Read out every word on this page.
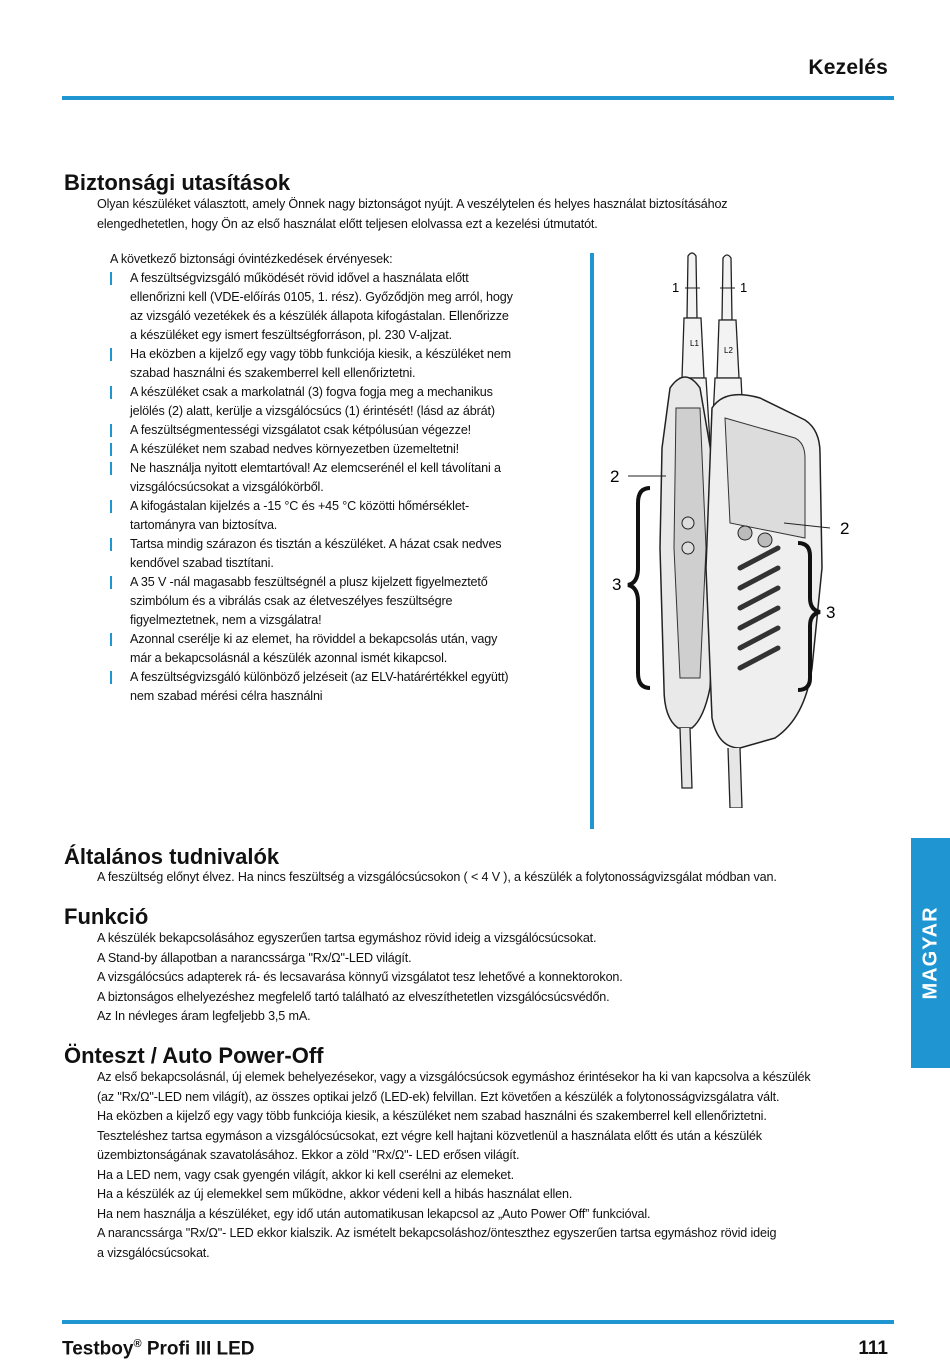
Kezelés
Biztonsági utasítások
Olyan készüléket választott, amely Önnek nagy biztonságot nyújt. A veszélytelen és helyes használat biztosításához
elengedhetetlen, hogy Ön az első használat előtt teljesen elolvassa ezt a kezelési útmutatót.
A következő biztonsági óvintézkedések érvényesek:
A feszültségvizsgáló működését rövid idővel a használata előtt
ellenőrizni kell (VDE-előírás 0105, 1. rész). Győződjön meg arról, hogy
az vizsgáló vezetékek és a készülék állapota kifogástalan. Ellenőrizze
a készüléket egy ismert feszültségforráson, pl. 230 V-aljzat.
Ha eközben a kijelző egy vagy több funkciója kiesik, a készüléket nem
szabad használni és szakemberrel kell ellenőriztetni.
A készüléket csak a markolatnál (3) fogva fogja meg a mechanikus
jelölés (2) alatt, kerülje a vizsgálócsúcs (1) érintését! (lásd az ábrát)
A feszültségmentességi vizsgálatot csak kétpólusúan végezze!
A készüléket nem szabad nedves környezetben üzemeltetni!
Ne használja nyitott elemtartóval! Az elemcserénél el kell távolítani a
vizsgálócsúcsokat a vizsgálókörből.
A kifogástalan kijelzés a -15 °C és +45 °C közötti hőmérséklet-
tartományra van biztosítva.
Tartsa mindig szárazon és tisztán a készüléket. A házat csak nedves
kendővel szabad tisztítani.
A 35 V -nál magasabb feszültségnél a plusz kijelzett figyelmeztető
szimbólum és a vibrálás csak az életveszélyes feszültségre
figyelmeztetnek, nem a vizsgálatra!
Azonnal cserélje ki az elemet, ha röviddel a bekapcsolás után, vagy
már a bekapcsolásnál a készülék azonnal ismét kikapcsol.
A feszültségvizsgáló különböző jelzéseit (az ELV-határértékkel együtt)
nem szabad mérési célra használni
1	1
L1
L2
2
2
3
3
Általános tudnivalók
A feszültség előnyt élvez. Ha nincs feszültség a vizsgálócsúcsokon ( < 4 V ), a készülék a folytonosságvizsgálat módban van.
Funkció
A készülék bekapcsolásához egyszerűen tartsa egymáshoz rövid ideig a vizsgálócsúcsokat.
A Stand-by állapotban a narancssárga "Rx/Ω"-LED világít.
A vizsgálócsúcs adapterek rá- és lecsavarása könnyű vizsgálatot tesz lehetővé a konnektorokon.
A biztonságos elhelyezéshez megfelelő tartó található az elveszíthetetlen vizsgálócsúcsvédőn.
Az In névleges áram legfeljebb 3,5 mA.
Önteszt / Auto Power-Off
Az első bekapcsolásnál, új elemek behelyezésekor, vagy a vizsgálócsúcsok egymáshoz érintésekor ha ki van kapcsolva a készülék
(az "Rx/Ω"-LED nem világít), az összes optikai jelző (LED-ek) felvillan. Ezt követően a készülék a folytonosságvizsgálatra vált.
Ha eközben a kijelző egy vagy több funkciója kiesik, a készüléket nem szabad használni és szakemberrel kell ellenőriztetni.
Teszteléshez tartsa egymáson a vizsgálócsúcsokat, ezt végre kell hajtani közvetlenül a használata előtt és után a készülék
üzembiztonságának szavatolásához. Ekkor a zöld "Rx/Ω"- LED erősen világít.
Ha a LED nem, vagy csak gyengén világít, akkor ki kell cserélni az elemeket.
Ha a készülék az új elemekkel sem működne, akkor védeni kell a hibás használat ellen.
Ha nem használja a készüléket, egy idő után automatikusan lekapcsol az „Auto Power Off” funkcióval.
A narancssárga "Rx/Ω"- LED ekkor kialszik. Az ismételt bekapcsoláshoz/önteszthez egyszerűen tartsa egymáshoz rövid ideig
a vizsgálócsúcsokat.
MAGYAR
Testboy® Profi III LED	111
